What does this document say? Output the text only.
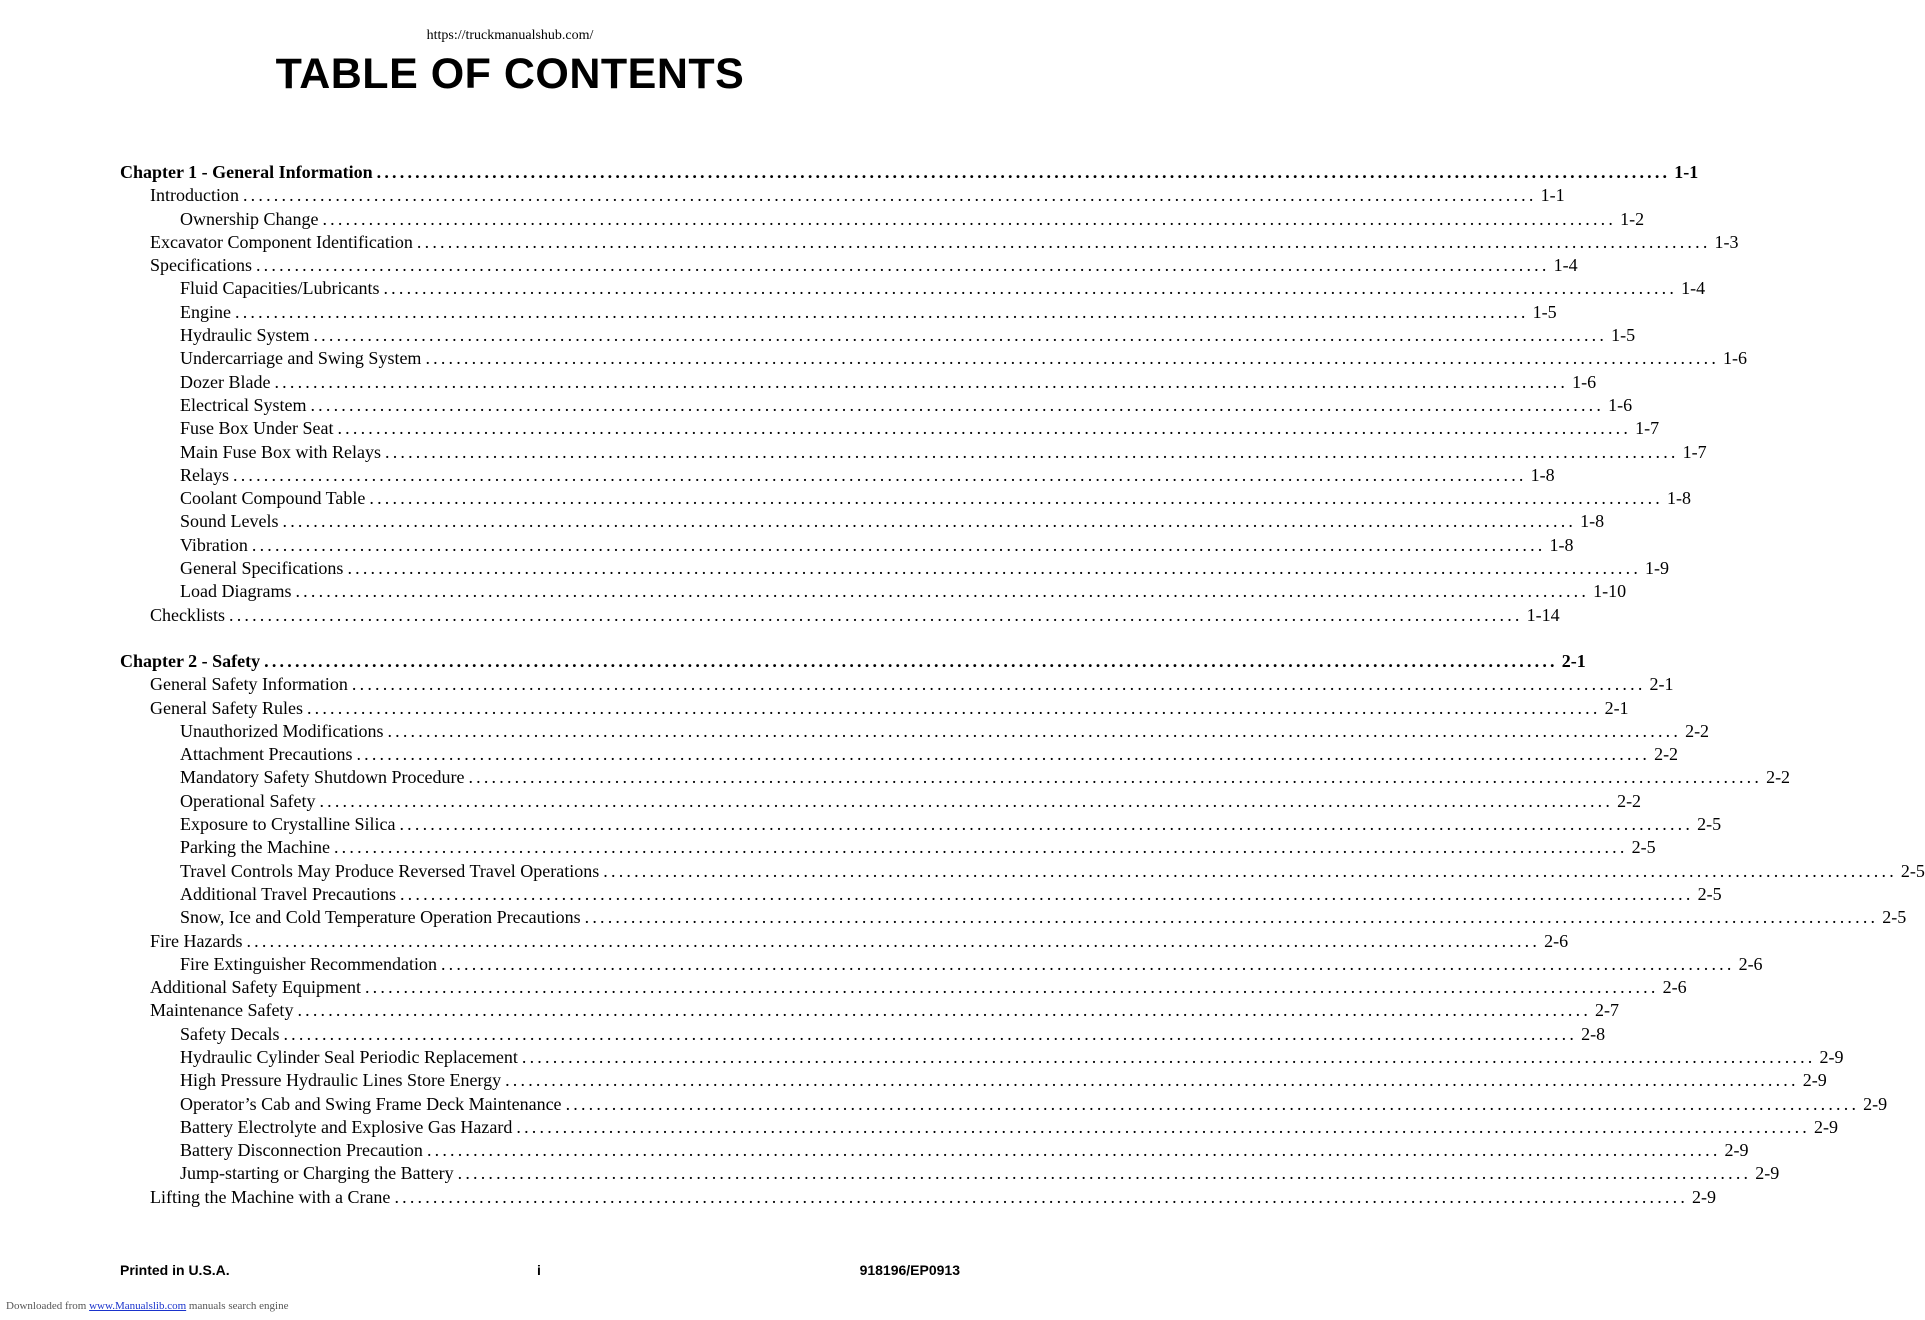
https://truckmanualshub.com/
TABLE OF CONTENTS
Chapter 1 - General Information ........................................................................................................................................................................ 1-1
Introduction ........................................................................................................................................................................ 1-1
Ownership Change ........................................................................................................................................................................ 1-2
Excavator Component Identification ........................................................................................................................................................................ 1-3
Specifications ........................................................................................................................................................................ 1-4
Fluid Capacities/Lubricants ........................................................................................................................................................................ 1-4
Engine ........................................................................................................................................................................ 1-5
Hydraulic System ........................................................................................................................................................................ 1-5
Undercarriage and Swing System ........................................................................................................................................................................ 1-6
Dozer Blade ........................................................................................................................................................................ 1-6
Electrical System ........................................................................................................................................................................ 1-6
Fuse Box Under Seat ........................................................................................................................................................................ 1-7
Main Fuse Box with Relays ........................................................................................................................................................................ 1-7
Relays ........................................................................................................................................................................ 1-8
Coolant Compound Table ........................................................................................................................................................................ 1-8
Sound Levels ........................................................................................................................................................................ 1-8
Vibration ........................................................................................................................................................................ 1-8
General Specifications ........................................................................................................................................................................ 1-9
Load Diagrams ........................................................................................................................................................................ 1-10
Checklists ........................................................................................................................................................................ 1-14
Chapter 2 - Safety ........................................................................................................................................................................ 2-1
General Safety Information ........................................................................................................................................................................ 2-1
General Safety Rules ........................................................................................................................................................................ 2-1
Unauthorized Modifications ........................................................................................................................................................................ 2-2
Attachment Precautions ........................................................................................................................................................................ 2-2
Mandatory Safety Shutdown Procedure ........................................................................................................................................................................ 2-2
Operational Safety ........................................................................................................................................................................ 2-2
Exposure to Crystalline Silica ........................................................................................................................................................................ 2-5
Parking the Machine ........................................................................................................................................................................ 2-5
Travel Controls May Produce Reversed Travel Operations ........................................................................................................................................................................ 2-5
Additional Travel Precautions ........................................................................................................................................................................ 2-5
Snow, Ice and Cold Temperature Operation Precautions ........................................................................................................................................................................ 2-5
Fire Hazards ........................................................................................................................................................................ 2-6
Fire Extinguisher Recommendation ........................................................................................................................................................................ 2-6
Additional Safety Equipment ........................................................................................................................................................................ 2-6
Maintenance Safety ........................................................................................................................................................................ 2-7
Safety Decals ........................................................................................................................................................................ 2-8
Hydraulic Cylinder Seal Periodic Replacement ........................................................................................................................................................................ 2-9
High Pressure Hydraulic Lines Store Energy ........................................................................................................................................................................ 2-9
Operator’s Cab and Swing Frame Deck Maintenance ........................................................................................................................................................................ 2-9
Battery Electrolyte and Explosive Gas Hazard ........................................................................................................................................................................ 2-9
Battery Disconnection Precaution ........................................................................................................................................................................ 2-9
Jump-starting or Charging the Battery ........................................................................................................................................................................ 2-9
Lifting the Machine with a Crane ........................................................................................................................................................................ 2-9
Printed in U.S.A.	i	918196/EP0913
Downloaded from www.Manualslib.com manuals search engine
